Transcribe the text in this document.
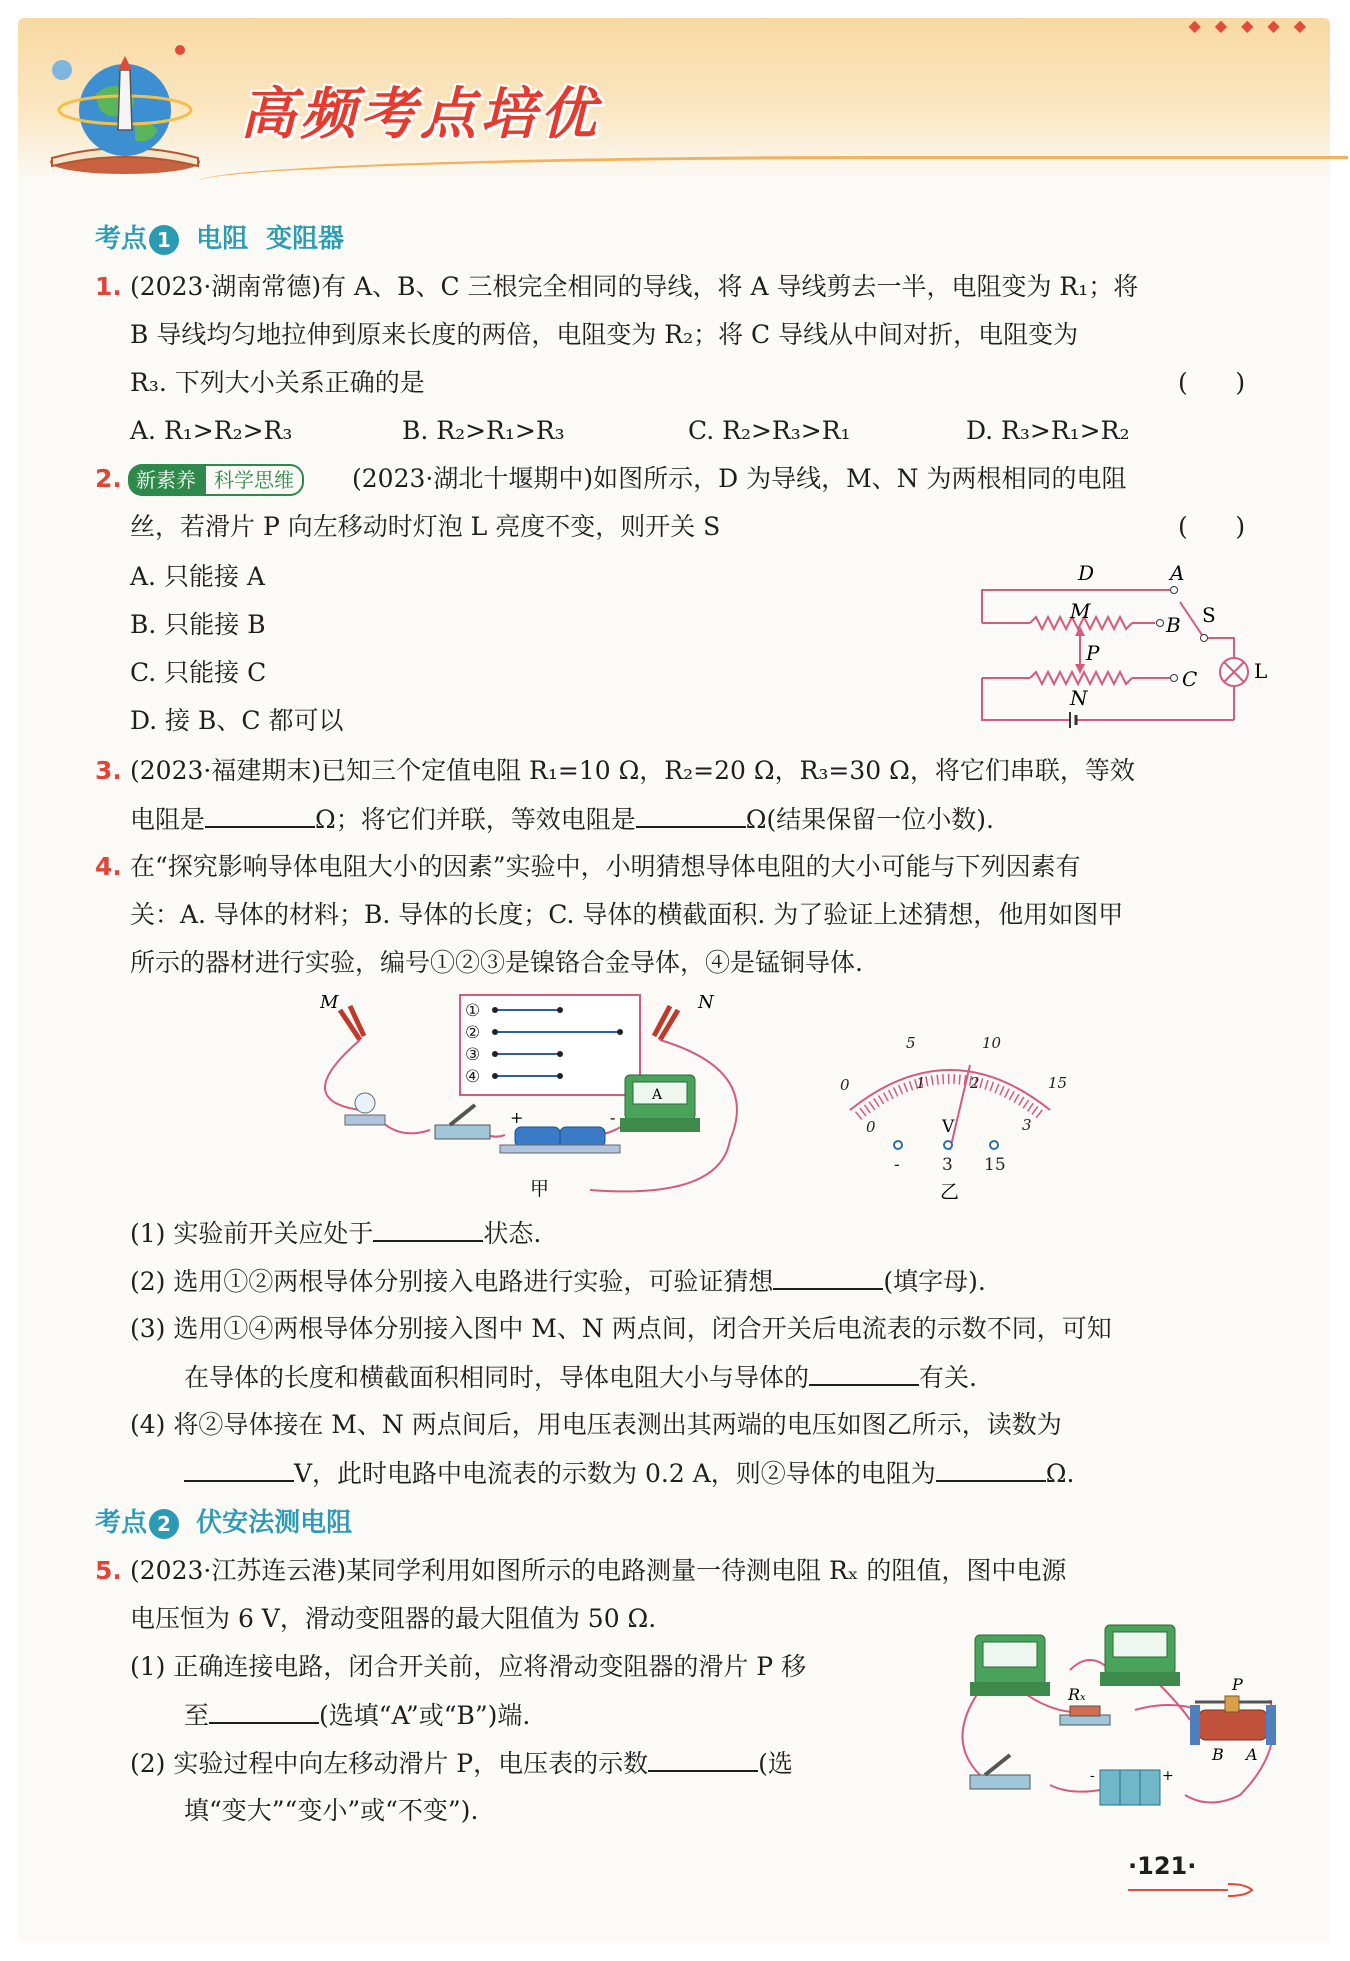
◆◆◆◆◆
高频考点培优
考点 1 电阻  变阻器
1. (2023·湖南常德)有 A、B、C 三根完全相同的导线，将 A 导线剪去一半，电阻变为 R₁；将
B 导线均匀地拉伸到原来长度的两倍，电阻变为 R₂；将 C 导线从中间对折，电阻变为
R₃. 下列大小关系正确的是	(      )
A. R₁>R₂>R₃	B. R₂>R₁>R₃	C. R₂>R₃>R₁	D. R₃>R₁>R₂
2. 新素养 科学思维	(2023·湖北十堰期中)如图所示，D 为导线，M、N 为两根相同的电阻
丝，若滑片 P 向左移动时灯泡 L 亮度不变，则开关 S	(      )
A. 只能接 A
B. 只能接 B
C. 只能接 C
D. 接 B、C 都可以
D	A
M
B S
P
L
C
N
3. (2023·福建期末)已知三个定值电阻 R₁=10 Ω，R₂=20 Ω，R₃=30 Ω，将它们串联，等效
电阻是	Ω；将它们并联，等效电阻是	Ω(结果保留一位小数).
4. 在“探究影响导体电阻大小的因素”实验中，小明猜想导体电阻的大小可能与下列因素有
关：A. 导体的材料；B. 导体的长度；C. 导体的横截面积. 为了验证上述猜想，他用如图甲
所示的器材进行实验，编号①②③是镍铬合金导体，④是锰铜导体.
①
②
③
④
M	N
+	-
A
甲
0
5	10
15
0
1	2
3
V
- 3 15
乙
(1) 实验前开关应处于	状态.
(2) 选用①②两根导体分别接入电路进行实验，可验证猜想	(填字母).
(3) 选用①④两根导体分别接入图中 M、N 两点间，闭合开关后电流表的示数不同，可知
在导体的长度和横截面积相同时，导体电阻大小与导体的	有关.
(4) 将②导体接在 M、N 两点间后，用电压表测出其两端的电压如图乙所示，读数为
V，此时电路中电流表的示数为 0.2 A，则②导体的电阻为	Ω.
考点 2 伏安法测电阻
5. (2023·江苏连云港)某同学利用如图所示的电路测量一待测电阻 Rₓ 的阻值，图中电源
电压恒为 6 V，滑动变阻器的最大阻值为 50 Ω.
(1) 正确连接电路，闭合开关前，应将滑动变阻器的滑片 P 移
至	(选填“A”或“B”)端.
(2) 实验过程中向左移动滑片 P，电压表的示数	(选
填“变大”“变小”或“不变”).
Rₓ
-	+
P
B A
·121·
